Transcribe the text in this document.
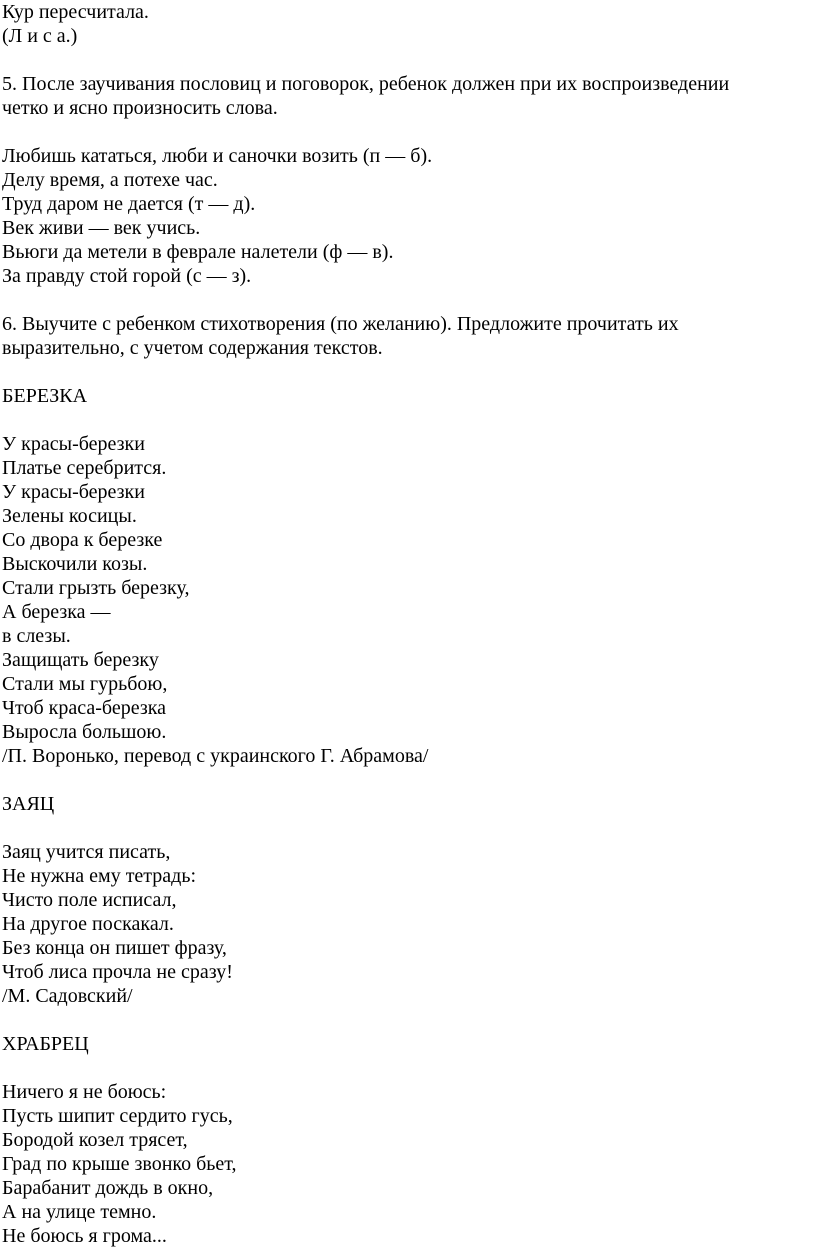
Кур пересчитала.
(Л и с а.)
5. После заучивания пословиц и поговорок, ребенок должен при их воспроизведении
четко и ясно произносить слова.
Любишь кататься, люби и саночки возить (п — б).
Делу время, а потехе час.
Труд даром не дается (т — д).
Век живи — век учись.
Вьюги да метели в феврале налетели (ф — в).
За правду стой горой (с — з).
6. Выучите с ребенком стихотворения (по желанию). Предложите прочитать их
выразительно, с учетом содержания текстов.
БЕРЕЗКА
У красы-березки
Платье серебрится.
У красы-березки
Зелены косицы.
Со двора к березке
Выскочили козы.
Стали грызть березку,
А березка —
в слезы.
Защищать березку
Стали мы гурьбою,
Чтоб краса-березка
Выросла большою.
/П. Воронько, перевод с украинского Г. Абрамова/
ЗАЯЦ
Заяц учится писать,
Не нужна ему тетрадь:
Чисто поле исписал,
На другое поскакал.
Без конца он пишет фразу,
Чтоб лиса прочла не сразу!
/М. Садовский/
ХРАБРЕЦ
Ничего я не боюсь:
Пусть шипит сердито гусь,
Бородой козел трясет,
Град по крыше звонко бьет,
Барабанит дождь в окно,
А на улице темно.
Не боюсь я грома...
